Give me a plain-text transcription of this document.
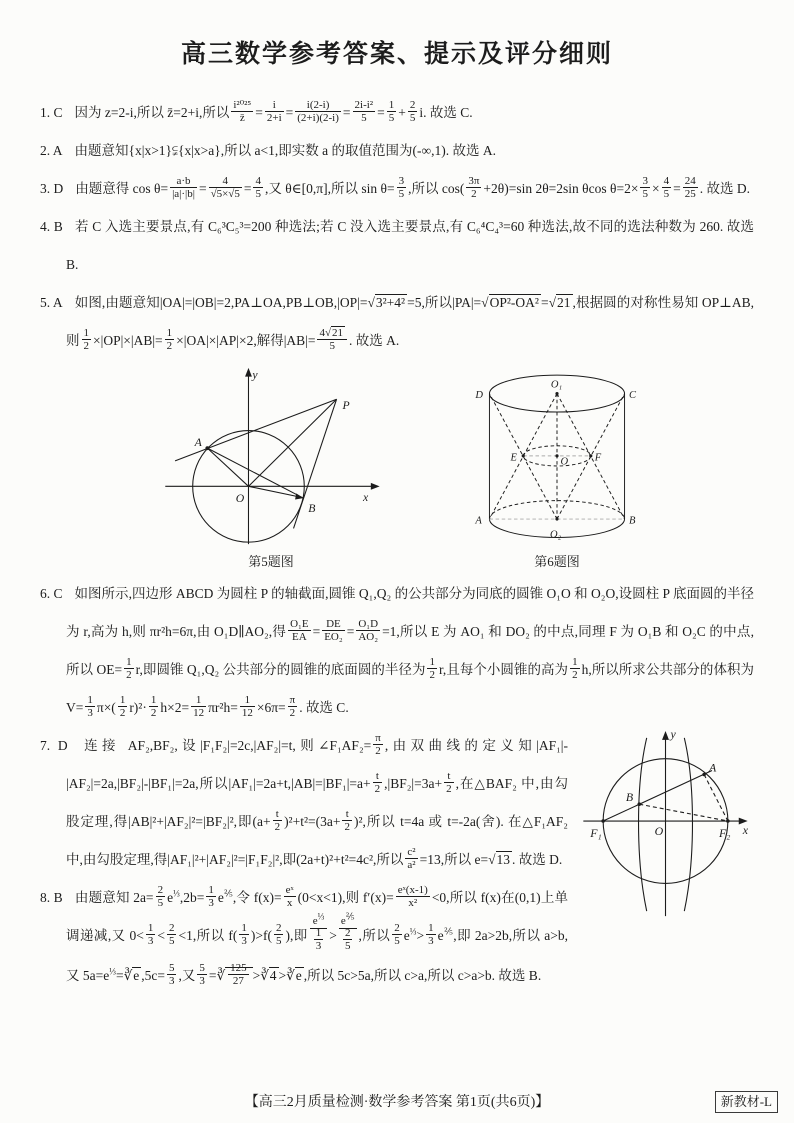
高三数学参考答案、提示及评分细则
1. C 因为 z=2-i,所以 z̄=2+i,所以 $\frac{\text{i²⁰²⁵}}{z̄} = \frac{i}{2+i} = \frac{i(2-i)}{(2+i)(2-i)} = \frac{\text{2i-i²}}{5} = \frac{1}{5} + \frac{2}{5} i$. 故选 C.
2. A 由题意知{x|x>1}⫋{x|x>a},所以 a<1,即实数 a 的取值范围为(-∞,1). 故选 A.
3. D 由题意得 $\cos \theta= \frac{a\cdot b}{|a|\cdot|b|} = \frac{4}{√5\times√5} = \frac{4}{5}$ ,又 θ∈[0,π],所以 $\sin \theta= \frac{3}{5}$ ,所以 $\cos( \frac{3\pi}{2} +2\theta)=\sin$ 2θ=2sin θcos $\theta=2\times \frac{3}{5} \times \frac{4}{5} = \frac{24}{25}$ . 故选 D.
4. B 若 C 入选主要景点,有 C₆³C₅³=200 种选法;若 C 没入选主要景点,有 C₆⁴C₄³=60 种选法,故不同的选法种数为 260. 故选 B.
5. A 如图,由题意知|OA|=|OB|=2,PA⊥OA,PB⊥OB,|OP|=√3²+4² =5,所以|PA|=√OP²-OA² =√21 ,根据圆的对称性易知 OP⊥AB,则 $\frac{1}{2} \times|OP|\times|AB|= \frac{1}{2} \times|OA|\times|AP|\times 2$,解得$|AB|= \frac{4√21}{5}$ . 故选 A.
y
x
O
A
B
P
第5题图
O₁
D	C
E	O F
A	B
O₂
第6题图
6. C 如图所示,四边形 ABCD 为圆柱 P 的轴截面,圆锥 Q₁,Q₂ 的公共部分为同底的圆锥 O₁O 和 O₂O,设圆柱 P 底面圆的半径为 r,高为 h,则 πr²h=6π,由 O₁D∥AO₂,得 $\frac{\text{O₁E}}{EA} = \frac{DE}{\text{EO₂}} = \frac{\text{O₁D}}{\text{AO₂}} =1$,所以 E 为 AO₁ 和 DO₂ 的中点,同理 F 为 O₁B 和 O₂C 的中点,所以 $OE= \frac{1}{2} r$,即圆锥 Q₁,Q₂ 公共部分的圆锥的底面圆的半径为 $\frac{1}{2} r$,且每个小圆锥的高为 $\frac{1}{2} h$,所以所求公共部分的体积为 $V= \frac{1}{3} \pi\times( \frac{1}{2} r)^2\cdot \frac{1}{2} h\times 2= \frac{1}{12} \pi r^2h= \frac{1}{12} \times 6\pi= \frac{\pi}{2}$ . 故选 C.
y
x
O
F₁	F₂
A
B
7. D 连接 AF₂,BF₂,设|F₁F₂|=2c,|AF₂|=t,则∠F₁AF₂= $\frac{\pi}{2}$ ,由双曲线的定义知|AF₁|-|AF₂|=2a,|BF₂|-|BF₁|=2a,所以$|AF_1|=2a+t,|AB|=|BF_1|=a+ \frac{t}{2} ,|BF_2|=3a+ \frac{t}{2}$ ,在△BAF₂ 中,由勾股定理,得|AB|²+|AF₂|²=|BF₂|²,即$(a+ \frac{t}{2} )^2+t^2=(3a+ \frac{t}{2} )^2$,所以 t=4a 或 t=-2a(舍). 在△F₁AF₂ 中,由勾股定理,得|AF₁|²+|AF₂|²=|F₁F₂|²,即(2a+t)²+t²=4c²,所以 $\frac{\text{c²}}{\text{a²}} =13$,所以 e=√13 . 故选 D.
8. B 由题意知 $2a= \frac{2}{5} e^{\frac{1}{3}},2b= \frac{1}{3} e^{\frac{2}{5}}$,令 $f(x)= \frac{\text{eˣ}}{x} (0<x<1)$,则 $f'(x)= \frac{\text{eˣ(x-1)}}{\text{x²}} <0$,所以 f(x)在(0,1)上单调递减,又 $0< \frac{1}{3} < \frac{2}{5} <1$,所以 $f( \frac{1}{3} )>f( \frac{2}{5}$ ),即 $\frac{e^{\frac{1}{3}}}{\frac{1}{3}} > \frac{e^{\frac{2}{5}}}{\frac{2}{5}}$ ,所以 $\frac{2}{5} e^{\frac{1}{3}}> \frac{1}{3} e^{\frac{2}{5}}$,即 2a>2b,所以 a>b,又 $5a=e^{\frac{1}{3}}=∛e$ $,5c= \frac{5}{3}$ ,又 $\frac{5}{3}$ =∛ $\frac{125}{27}$ >∛4 >∛e ,所以 5c>5a,所以 c>a,所以 c>a>b. 故选 B.
【高三2月质量检测·数学参考答案 第1页(共6页)】	新教材-L
